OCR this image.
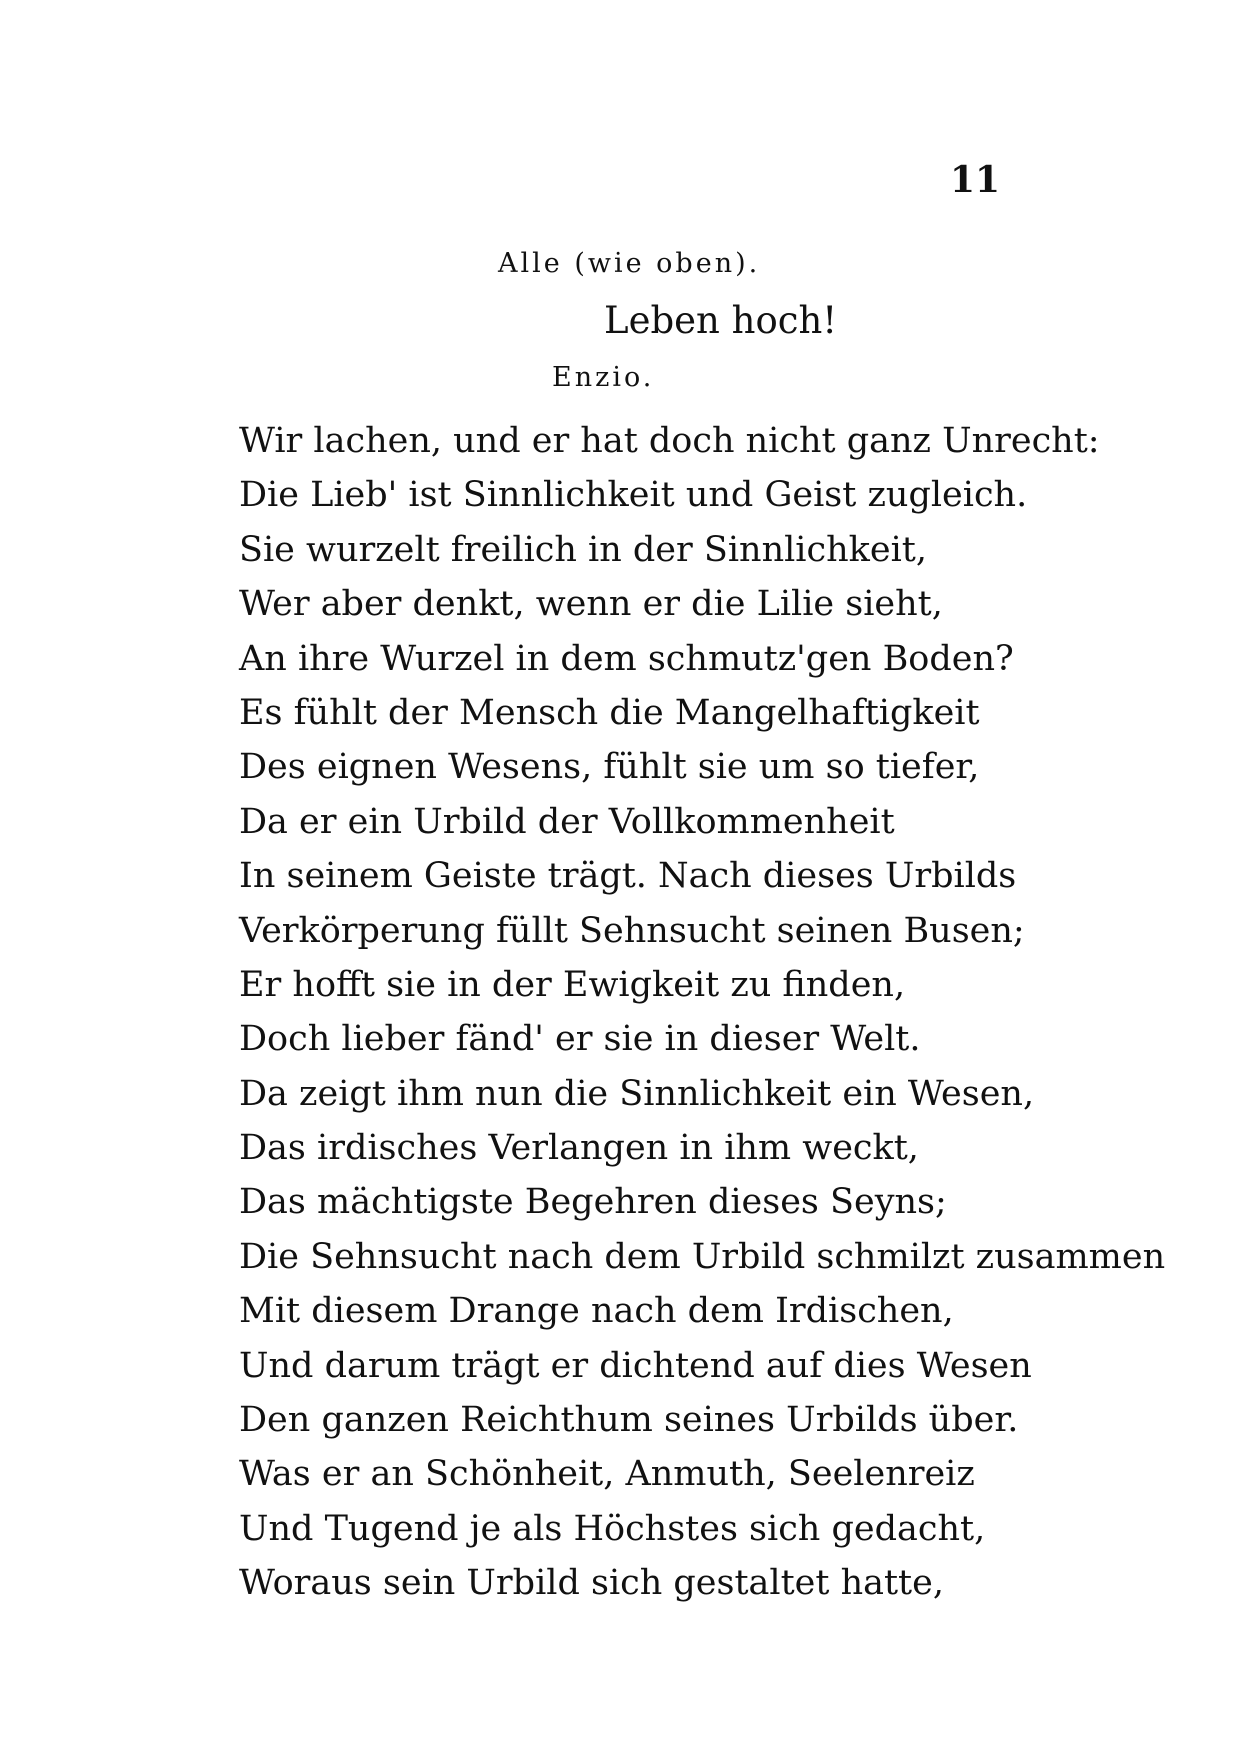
11
Alle (wie oben).
Leben hoch!
Enzio.
Wir lachen, und er hat doch nicht ganz Unrecht:
Die Lieb' ist Sinnlichkeit und Geist zugleich.
Sie wurzelt freilich in der Sinnlichkeit,
Wer aber denkt, wenn er die Lilie sieht,
An ihre Wurzel in dem schmutz'gen Boden?
Es fühlt der Mensch die Mangelhaftigkeit
Des eignen Wesens, fühlt sie um so tiefer,
Da er ein Urbild der Vollkommenheit
In seinem Geiste trägt. Nach dieses Urbilds
Verkörperung füllt Sehnsucht seinen Busen;
Er hofft sie in der Ewigkeit zu finden,
Doch lieber fänd' er sie in dieser Welt.
Da zeigt ihm nun die Sinnlichkeit ein Wesen,
Das irdisches Verlangen in ihm weckt,
Das mächtigste Begehren dieses Seyns;
Die Sehnsucht nach dem Urbild schmilzt zusammen
Mit diesem Drange nach dem Irdischen,
Und darum trägt er dichtend auf dies Wesen
Den ganzen Reichthum seines Urbilds über.
Was er an Schönheit, Anmuth, Seelenreiz
Und Tugend je als Höchstes sich gedacht,
Woraus sein Urbild sich gestaltet hatte,
